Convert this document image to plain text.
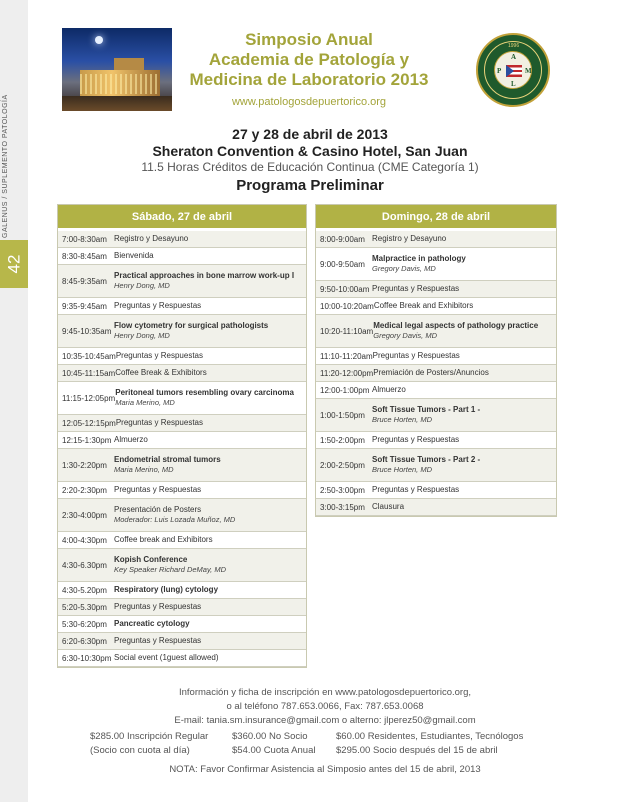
GALENUS / SUPLEMENTO PATOLOGÍA
42
Simposio Anual
Academia de Patología y
Medicina de Laboratorio 2013
www.patologosdepuertorico.org
1996
A
P	M
L
27 y 28 de abril de 2013
Sheraton Convention & Casino Hotel, San Juan
11.5 Horas Créditos de Educación Continua (CME Categoría 1)
Programa Preliminar
Sábado, 27 de abril
7:00-8:30am Registro y Desayuno
8:30-8:45am Bienvenida
8:45-9:35am
Practical approaches in bone marrow work-up I
Henry Dong, MD
9:35-9:45am Preguntas y Respuestas
9:45-10:35am
Flow cytometry for surgical pathologists
Henry Dong, MD
10:35-10:45am Preguntas y Respuestas
10:45-11:15am Coffee Break & Exhibitors
11:15-12:05pm
Peritoneal tumors resembling ovary carcinoma
Maria Merino, MD
12:05-12:15pm Preguntas y Respuestas
12:15-1:30pm Almuerzo
1:30-2:20pm
Endometrial stromal tumors
Maria Merino, MD
2:20-2:30pm Preguntas y Respuestas
2:30-4:00pm
Presentación de Posters
Moderador: Luis Lozada Muñoz, MD
4:00-4:30pm Coffee break and Exhibitors
4:30-6.30pm
Kopish Conference
Key Speaker Richard DeMay, MD
4:30-5.20pm Respiratory (lung) cytology
5:20-5.30pm Preguntas y Respuestas
5:30-6:20pm Pancreatic cytology
6:20-6:30pm Preguntas y Respuestas
6:30-10:30pm Social event (1guest allowed)
Domingo, 28 de abril
8:00-9:00am Registro y Desayuno
9:00-9:50am
Malpractice in pathology
Gregory Davis, MD
9:50-10:00am Preguntas y Respuestas
10:00-10:20am Coffee Break and Exhibitors
10:20-11:10am
Medical legal aspects of pathology practice
Gregory Davis, MD
11:10-11:20am Preguntas y Respuestas
11:20-12:00pm Premiación de Posters/Anuncios
12:00-1:00pm Almuerzo
1:00-1:50pm
Soft Tissue Tumors - Part 1 -
Bruce Horten, MD
1:50-2:00pm Preguntas y Respuestas
2:00-2:50pm
Soft Tissue Tumors - Part 2 -
Bruce Horten, MD
2:50-3:00pm Preguntas y Respuestas
3:00-3:15pm Clausura
Información y ficha de inscripción en www.patologosdepuertorico.org,
o al teléfono 787.653.0066, Fax: 787.653.0068
E-mail: tania.sm.insurance@gmail.com o alterno: jlperez50@gmail.com
$285.00 Inscripción Regular
(Socio con cuota al día)
$360.00 No Socio
$54.00 Cuota Anual
$60.00 Residentes, Estudiantes, Tecnólogos
$295.00 Socio después del 15 de abril
NOTA: Favor Confirmar Asistencia al Simposio antes del 15 de abril, 2013
